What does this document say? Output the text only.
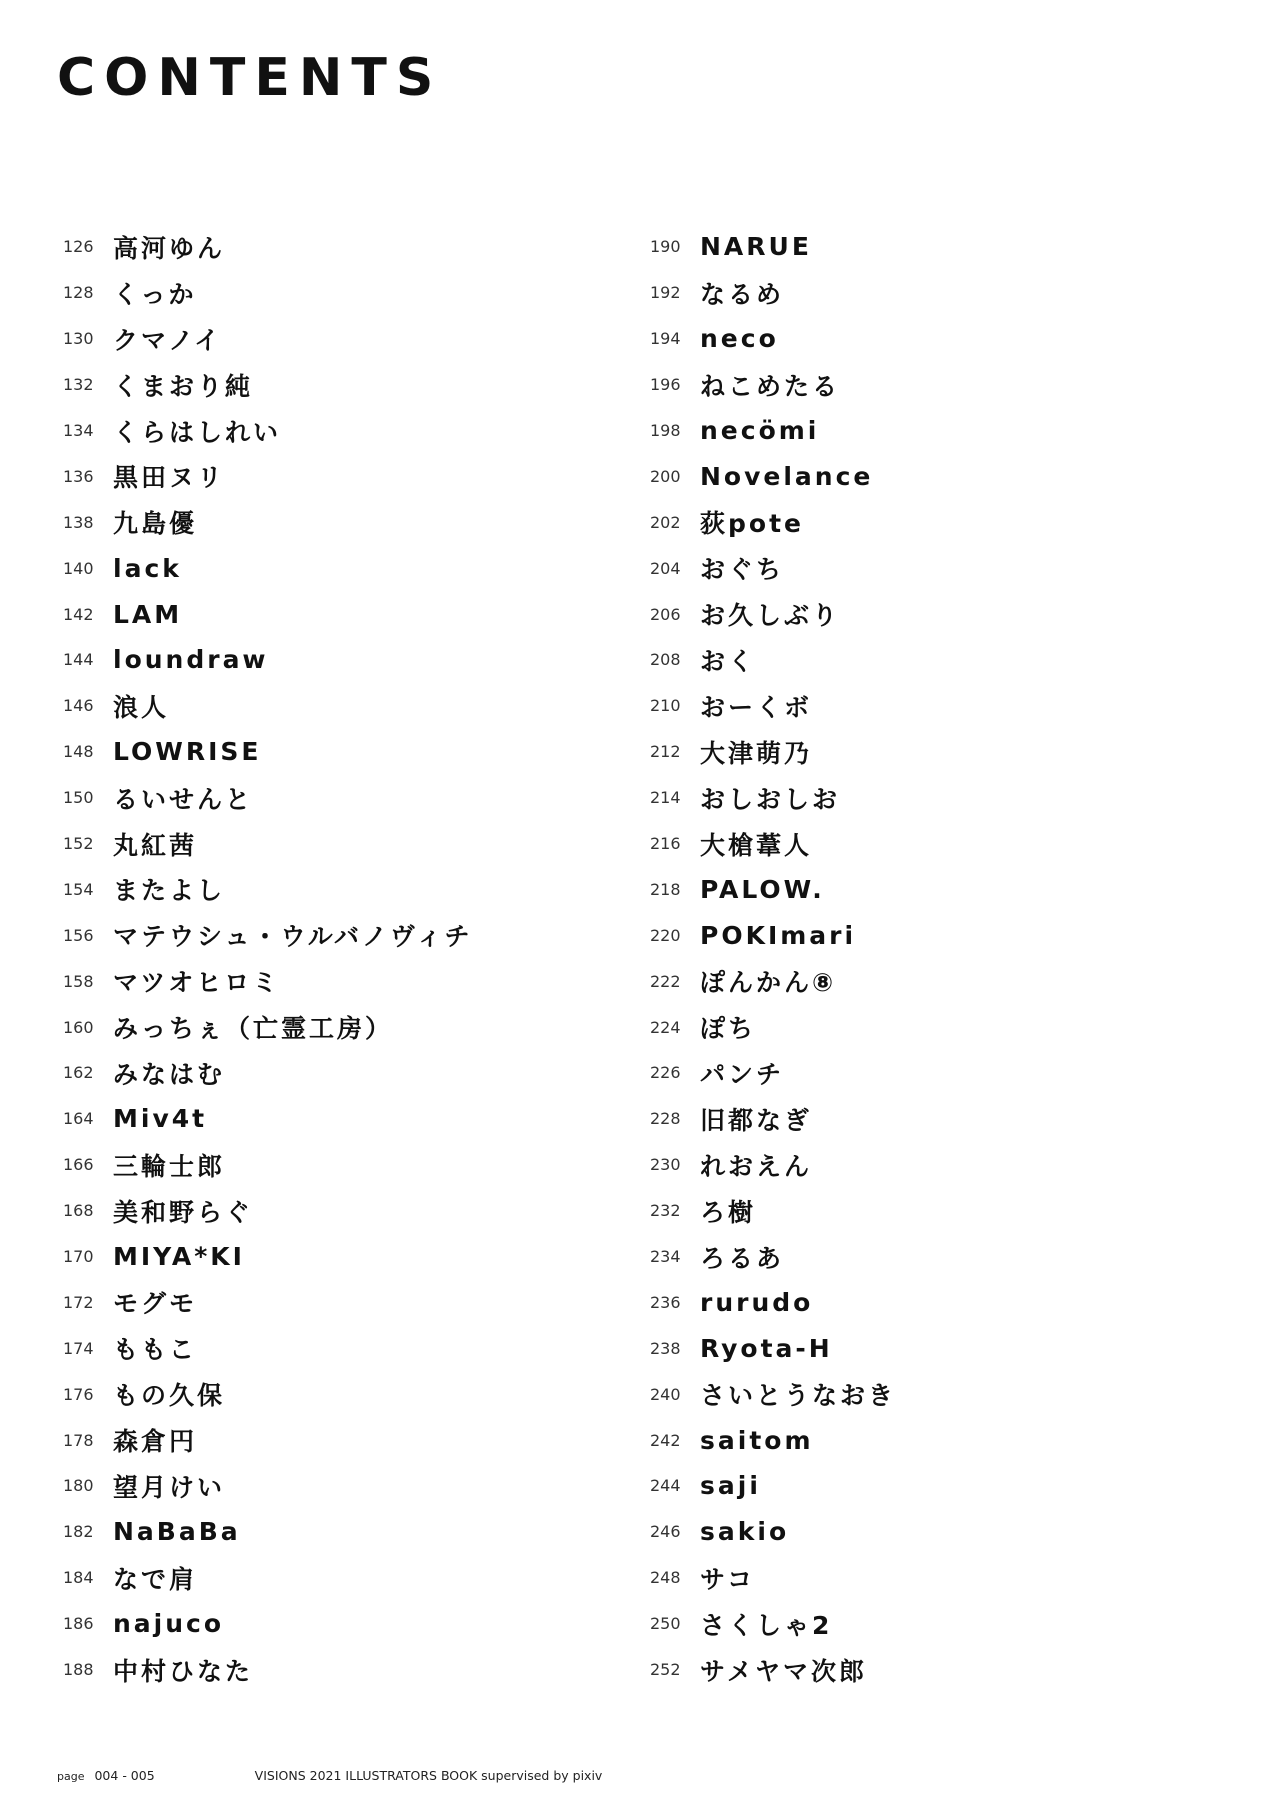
CONTENTS
126 高河ゆん
128 くっか
130 クマノイ
132 くまおり純
134 くらはしれい
136 黒田ヌリ
138 九島優
140 lack
142 LAM
144 loundraw
146 浪人
148 LOWRISE
150 るいせんと
152 丸紅茜
154 またよし
156 マテウシュ・ウルバノヴィチ
158 マツオヒロミ
160 みっちぇ（亡霊工房）
162 みなはむ
164 Miv4t
166 三輪士郎
168 美和野らぐ
170 MIYA*KI
172 モグモ
174 ももこ
176 もの久保
178 森倉円
180 望月けい
182 NaBaBa
184 なで肩
186 najuco
188 中村ひなた
190 NARUE
192 なるめ
194 neco
196 ねこめたる
198 necömi
200 Novelance
202 荻pote
204 おぐち
206 お久しぶり
208 おく
210 おーくボ
212 大津萌乃
214 おしおしお
216 大槍葦人
218 PALOW.
220 POKImari
222 ぽんかん⑧
224 ぽち
226 パンチ
228 旧都なぎ
230 れおえん
232 ろ樹
234 ろるあ
236 rurudo
238 Ryota-H
240 さいとうなおき
242 saitom
244 saji
246 sakio
248 サコ
250 さくしゃ2
252 サメヤマ次郎
page 004 - 005	VISIONS 2021 ILLUSTRATORS BOOK supervised by pixiv
